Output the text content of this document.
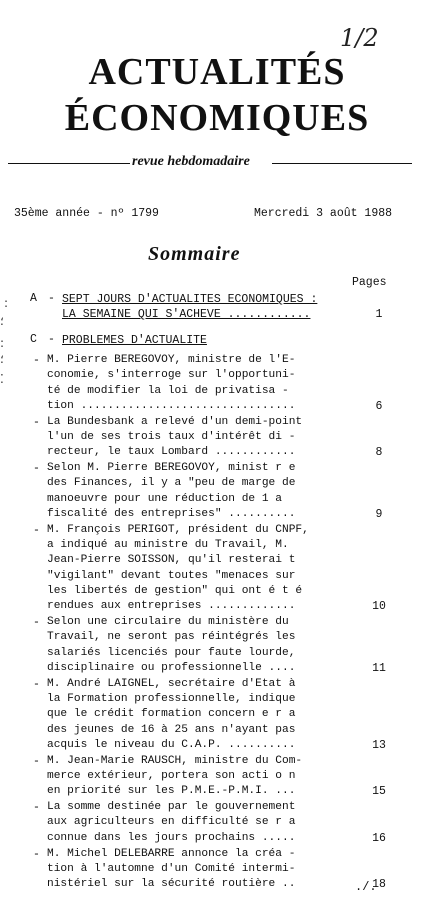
1/2
ACTUALITÉS
ÉCONOMIQUES
revue hebdomadaire
35ème année - nº 1799	Mercredi 3 août 1988
Sommaire
Pages
:
؛
:
؛
⁚
A - SEPT JOURS D'ACTUALITES ECONOMIQUES :
LA SEMAINE QUI S'ACHEVE ............	1
C - PROBLEMES D'ACTUALITE
- M. Pierre BEREGOVOY, ministre de l'E-
conomie, s'interroge sur l'opportuni-
té de modifier la loi de privatisa -
tion ................................	6
- La Bundesbank a relevé d'un demi-point
l'un de ses trois taux d'intérêt di -
recteur, le taux Lombard ............	8
- Selon M. Pierre BEREGOVOY, minist r e
des Finances, il y a "peu de marge de
manoeuvre pour une réduction de 1 a
fiscalité des entreprises" ..........	9
- M. François PERIGOT, président du CNPF,
a indiqué au ministre du Travail, M.
Jean-Pierre SOISSON, qu'il resterai t
"vigilant" devant toutes "menaces sur
les libertés de gestion" qui ont é t é
rendues aux entreprises .............	10
- Selon une circulaire du ministère du
Travail, ne seront pas réintégrés les
salariés licenciés pour faute lourde,
disciplinaire ou professionnelle ....	11
- M. André LAIGNEL, secrétaire d'Etat à
la Formation professionnelle, indique
que le crédit formation concern e r a
des jeunes de 16 à 25 ans n'ayant pas
acquis le niveau du C.A.P. ..........	13
- M. Jean-Marie RAUSCH, ministre du Com-
merce extérieur, portera son acti o n
en priorité sur les P.M.E.-P.M.I. ...	15
- La somme destinée par le gouvernement
aux agriculteurs en difficulté se r a
connue dans les jours prochains .....	16
- M. Michel DELEBARRE annonce la créa -
tion à l'automne d'un Comité intermi-
nistériel sur la sécurité routière ..	18
./.
